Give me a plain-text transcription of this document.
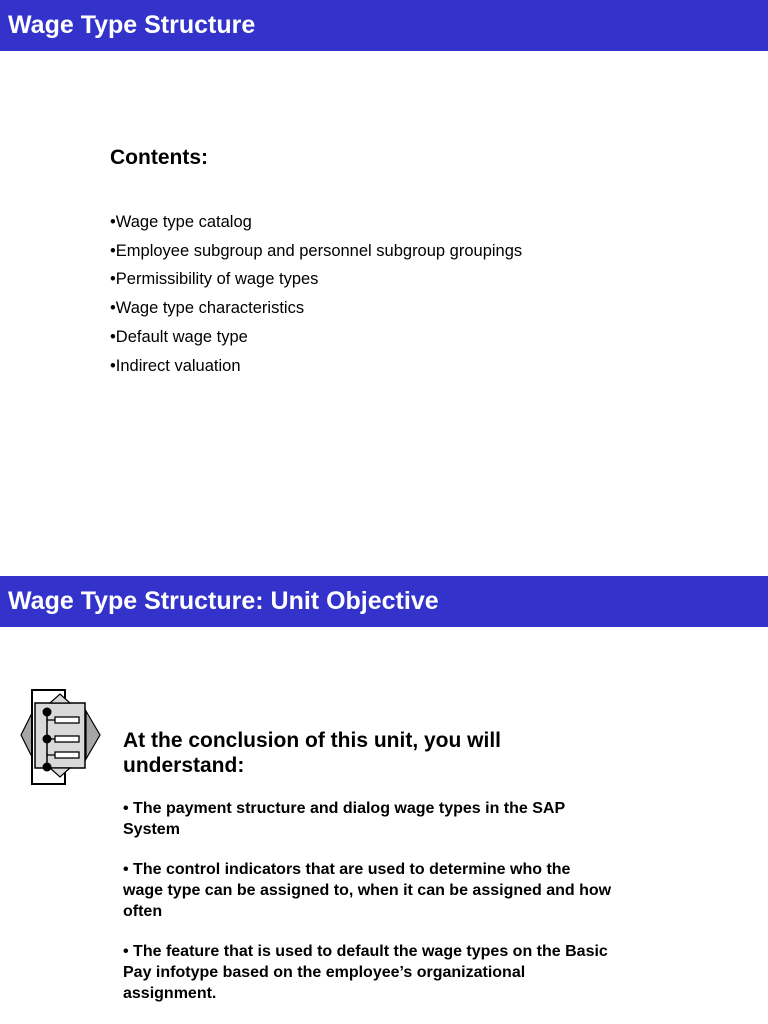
Wage Type Structure
Contents:
•Wage type catalog
•Employee subgroup and personnel subgroup groupings
•Permissibility of wage types
•Wage type characteristics
•Default wage type
•Indirect valuation
Wage Type Structure: Unit Objective
At the conclusion of this unit, you will understand:
• The payment structure and dialog wage types in the SAP System
• The control indicators that are used to determine who the wage type can be assigned to, when it can be assigned and how often
• The feature that is used to default the wage types on the Basic Pay infotype based on the employee’s organizational assignment.
